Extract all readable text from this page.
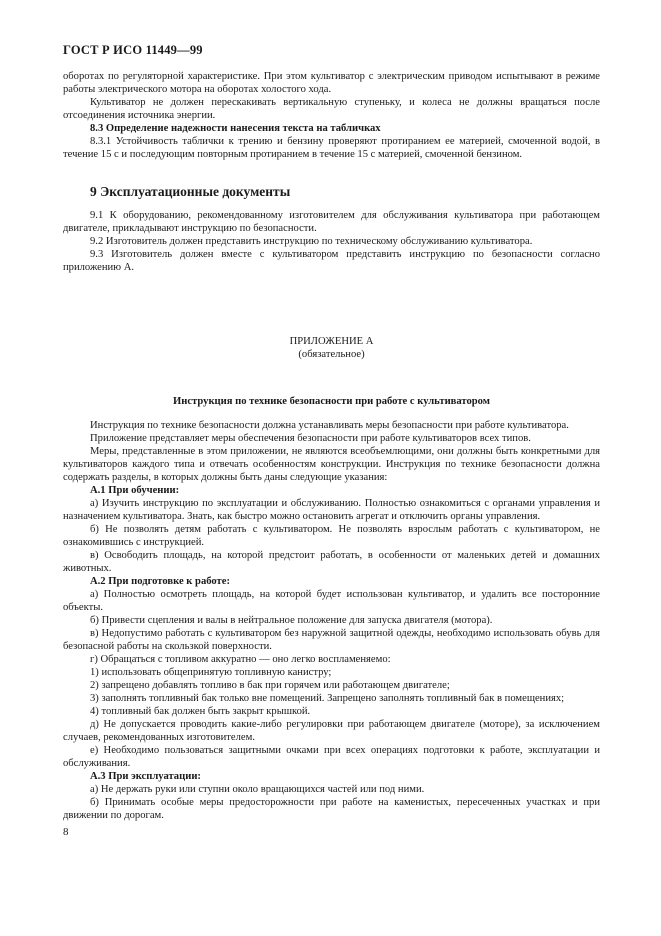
ГОСТ Р ИСО 11449—99

оборотах по регуляторной характеристике. При этом культиватор с электрическим приводом испытывают в режиме работы электрического мотора на оборотах холостого хода.

Культиватор не должен перескакивать вертикальную ступеньку, и колеса не должны вращаться после отсоединения источника энергии.

8.3 Определение надежности нанесения текста на табличках

8.3.1 Устойчивость таблички к трению и бензину проверяют протиранием ее материей, смоченной водой, в течение 15 с и последующим повторным протиранием в течение 15 с материей, смоченной бензином.

9 Эксплуатационные документы

9.1 К оборудованию, рекомендованному изготовителем для обслуживания культиватора при работающем двигателе, прикладывают инструкцию по безопасности.

9.2 Изготовитель должен представить инструкцию по техническому обслуживанию культиватора.

9.3 Изготовитель должен вместе с культиватором представить инструкцию по безопасности согласно приложению А.

ПРИЛОЖЕНИЕ А

(обязательное)

Инструкция по технике безопасности при работе с культиватором

Инструкция по технике безопасности должна устанавливать меры безопасности при работе культиватора.

Приложение представляет меры обеспечения безопасности при работе культиваторов всех типов.

Меры, представленные в этом приложении, не являются всеобъемлющими, они должны быть конкретными для культиваторов каждого типа и отвечать особенностям конструкции. Инструкция по технике безопасности должна содержать разделы, в которых должны быть даны следующие указания:

А.1 При обучении:

а) Изучить инструкцию по эксплуатации и обслуживанию. Полностью ознакомиться с органами управления и назначением культиватора. Знать, как быстро можно остановить агрегат и отключить органы управления.

б) Не позволять детям работать с культиватором. Не позволять взрослым работать с культиватором, не ознакомившись с инструкцией.

в) Освободить площадь, на которой предстоит работать, в особенности от маленьких детей и домашних животных.

А.2 При подготовке к работе:

а) Полностью осмотреть площадь, на которой будет использован культиватор, и удалить все посторонние объекты.

б) Привести сцепления и валы в нейтральное положение для запуска двигателя (мотора).

в) Недопустимо работать с культиватором без наружной защитной одежды, необходимо использовать обувь для безопасной работы на скользкой поверхности.

г) Обращаться с топливом аккуратно — оно легко воспламеняемо:

1) использовать общепринятую топливную канистру;

2) запрещено добавлять топливо в бак при горячем или работающем двигателе;

3) заполнять топливный бак только вне помещений. Запрещено заполнять топливный бак в помещениях;

4) топливный бак должен быть закрыт крышкой.

д) Не допускается проводить какие-либо регулировки при работающем двигателе (моторе), за исключением случаев, рекомендованных изготовителем.

е) Необходимо пользоваться защитными очками при всех операциях подготовки к работе, эксплуатации и обслуживания.

А.3 При эксплуатации:

а) Не держать руки или ступни около вращающихся частей или под ними.

б) Принимать особые меры предосторожности при работе на каменистых, пересеченных участках и при движении по дорогам.

8
